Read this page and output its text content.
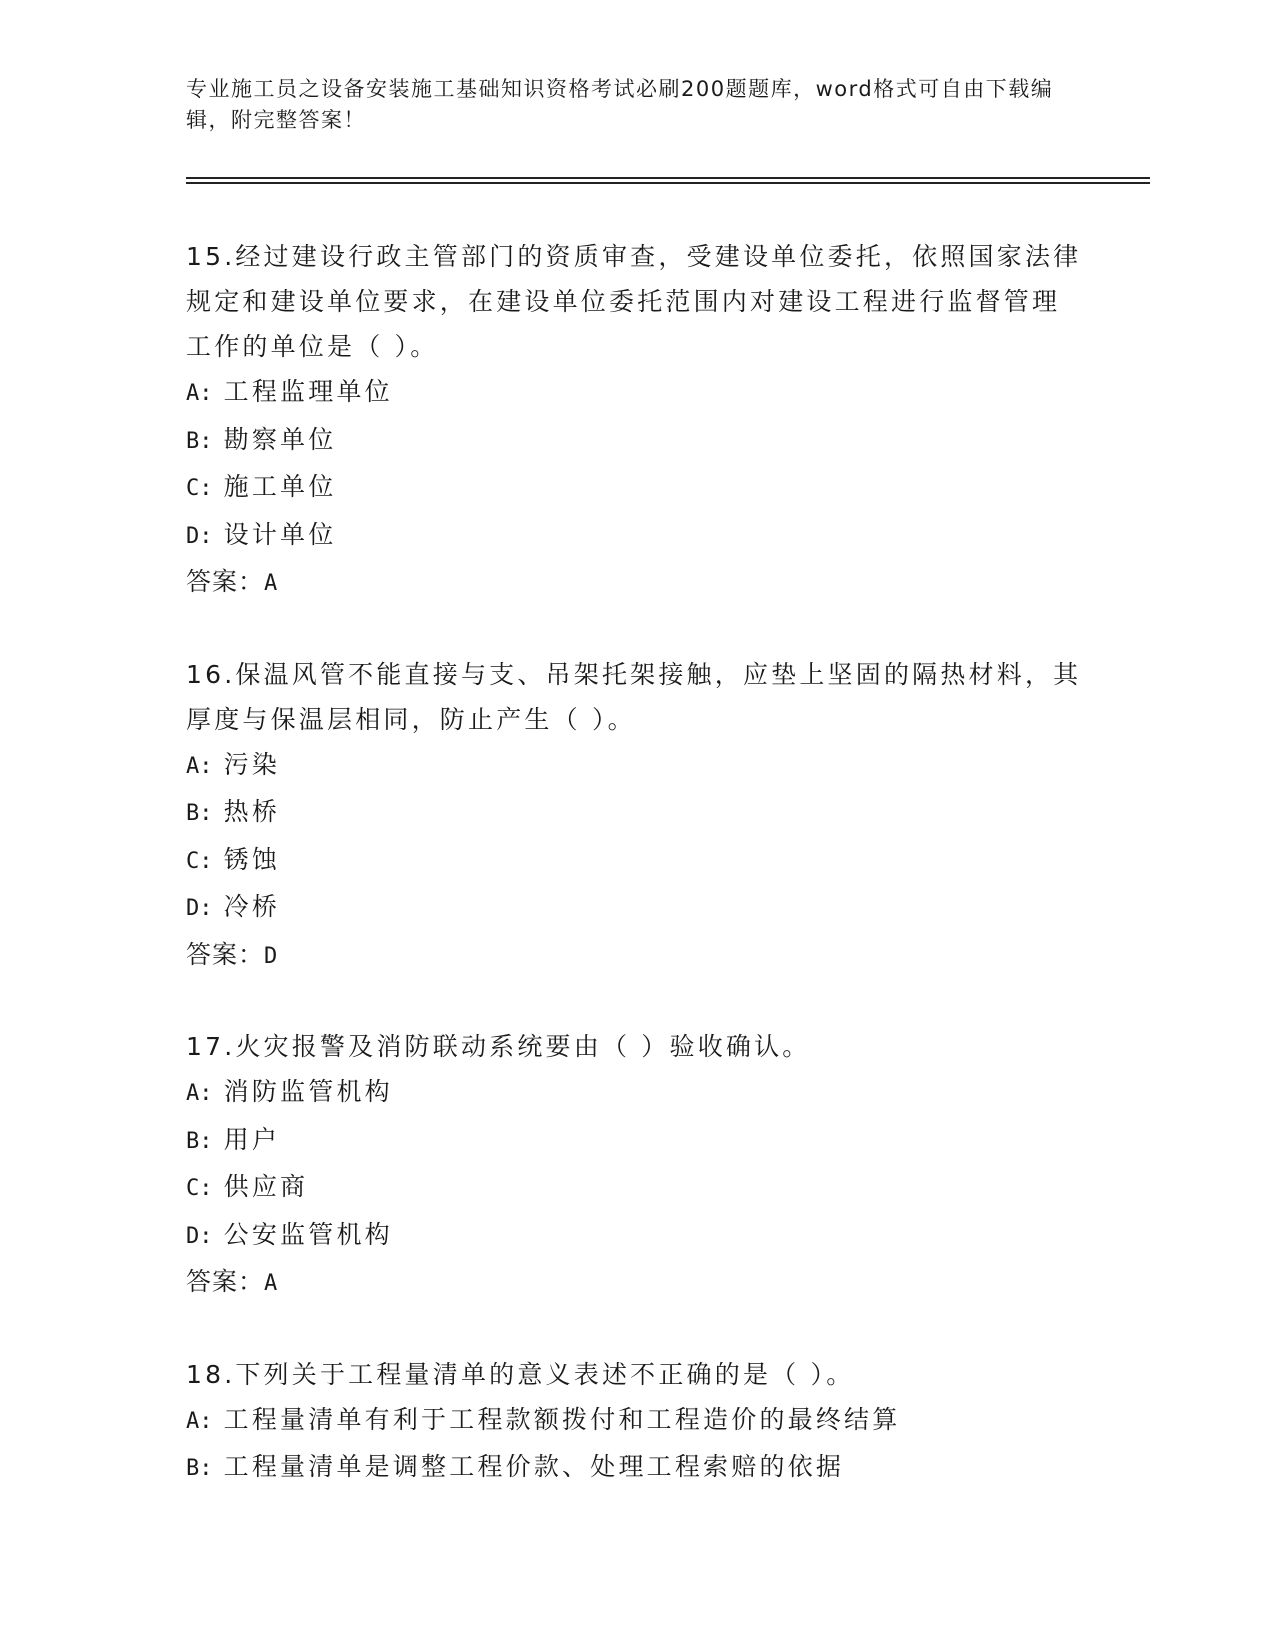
专业施工员之设备安装施工基础知识资格考试必刷200题题库，word格式可自由下载编辑，附完整答案！

15.经过建设行政主管部门的资质审查，受建设单位委托，依照国家法律规定和建设单位要求，在建设单位委托范围内对建设工程进行监督管理工作的单位是（ ）。

A: 工程监理单位
B: 勘察单位
C: 施工单位
D: 设计单位
答案：A

16.保温风管不能直接与支、吊架托架接触，应垫上坚固的隔热材料，其厚度与保温层相同，防止产生（ ）。

A: 污染
B: 热桥
C: 锈蚀
D: 冷桥
答案：D

17.火灾报警及消防联动系统要由（ ）验收确认。

A: 消防监管机构
B: 用户
C: 供应商
D: 公安监管机构
答案：A

18.下列关于工程量清单的意义表述不正确的是（ ）。

A: 工程量清单有利于工程款额拨付和工程造价的最终结算
B: 工程量清单是调整工程价款、处理工程索赔的依据
